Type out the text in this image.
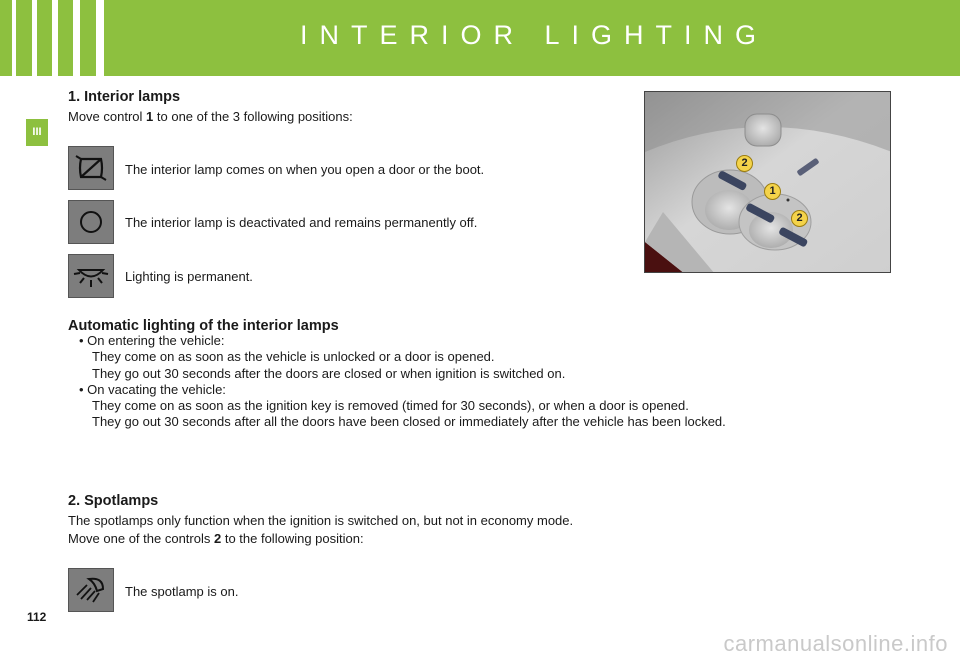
INTERIOR LIGHTING
III
1. Interior lamps
Move control 1 to one of the 3 following positions:
The interior lamp comes on when you open a door or the boot.
The interior lamp is deactivated and remains permanently off.
Lighting is permanent.
2
1
2
Automatic lighting of the interior lamps
• On entering the vehicle:
They come on as soon as the vehicle is unlocked or a door is opened.
They go out 30 seconds after the doors are closed or when ignition is switched on.
• On vacating the vehicle:
They come on as soon as the ignition key is removed (timed for 30 seconds), or when a door is opened.
They go out 30 seconds after all the doors have been closed or immediately after the vehicle has been locked.
2. Spotlamps
The spotlamps only function when the ignition is switched on, but not in economy mode.
Move one of the controls 2 to the following position:
The spotlamp is on.
112
carmanualsonline.info
